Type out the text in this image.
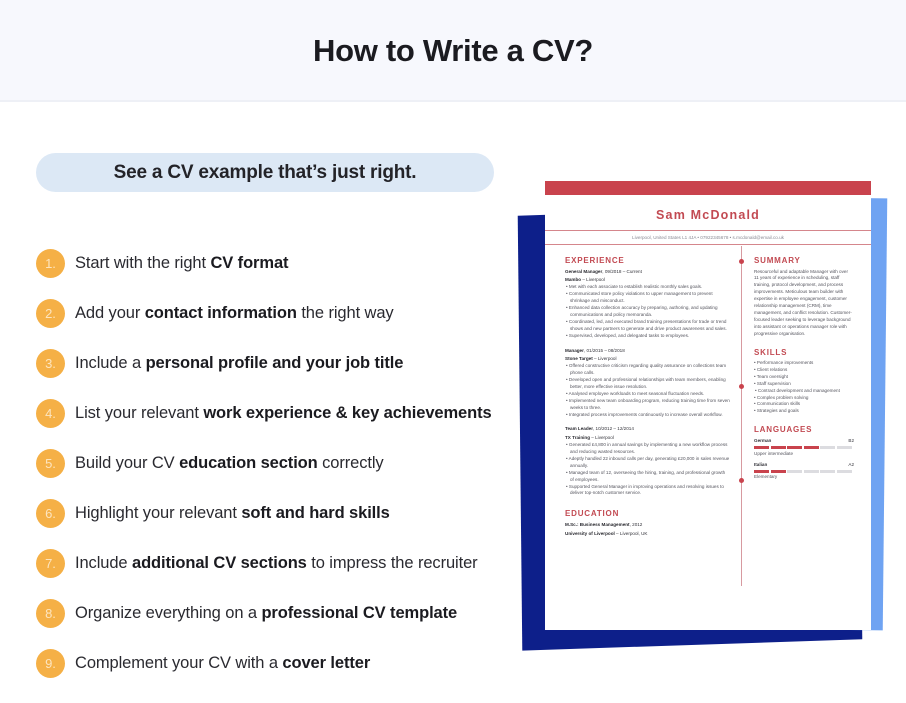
How to Write a CV?
See a CV example that’s just right.
1.	Start with the right CV format
2.	Add your contact information the right way
3.	Include a personal profile and your job title
4.	List your relevant work experience & key achievements
5.	Build your CV education section correctly
6.	Highlight your relevant soft and hard skills
7.	Include additional CV sections to impress the recruiter
8.	Organize everything on a professional CV template
9.	Complement your CV with a cover letter
Sam McDonald
Liverpool, United States L1 4JA • 07922345678 • s.mcdonald@email.co.uk
EXPERIENCE
General Manager, 09/2018 – Current
Mambo – Liverpool
• Met with each associate to establish realistic monthly sales goals.
• Communicated store policy violations to upper management to prevent shrinkage and misconduct.
• Enhanced data collection accuracy by preparing, authoring, and updating communications and policy memoranda.
• Coordinated, led, and executed brand training presentations for trade or trend shows and new partners to generate and drive product awareness and sales.
• Supervised, developed, and delegated tasks to employees.
Manager, 01/2015 – 08/2018
Stone Target – Liverpool
• Offered constructive criticism regarding quality assurance on collections team phone calls.
• Developed open and professional relationships with team members, enabling better, more effective issue resolution.
• Analysed employee workloads to meet seasonal fluctuation needs.
• Implemented new team onboarding program, reducing training time from seven weeks to three.
• Integrated process improvements continuously to increase overall workflow.
Team Leader, 10/2012 – 12/2014
TX Training – Liverpool
• Generated £4,800 in annual savings by implementing a new workflow process and reducing wasted resources.
• Adeptly handled 22 inbound calls per day, generating £20,000 in sales revenue annually.
• Managed team of 12, overseeing the hiring, training, and professional growth of employees.
• Supported General Manager in improving operations and resolving issues to deliver top-notch customer service.
EDUCATION
M.Sc.: Business Management, 2012
University of Liverpool – Liverpool, UK
SUMMARY
Resourceful and adaptable Manager with over 11 years of experience in scheduling, staff training, protocol development, and process improvements. Meticulous team builder with expertise in employee engagement, customer relationship management (CRM), time management, and conflict resolution. Customer-focused leader seeking to leverage background into assistant or operations manager role with progressive organisation.
SKILLS
• Performance improvements
• Client relations
• Team oversight
• Staff supervision
• Contract development and management
• Complex problem solving
• Communication skills
• Strategies and goals
LANGUAGES
German	B2
Upper intermediate
Italian	A2
Elementary
